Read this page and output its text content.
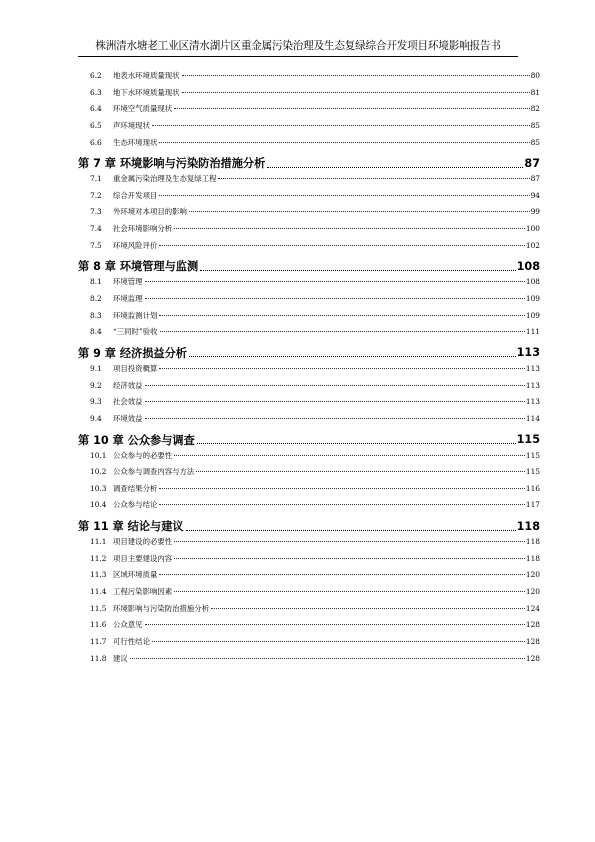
株洲清水塘老工业区清水湖片区重金属污染治理及生态复绿综合开发项目环境影响报告书
6.2	地表水环境质量现状	80
6.3	地下水环境质量现状	81
6.4	环境空气质量现状	82
6.5	声环境现状	85
6.6	生态环境现状	85
第 7 章 环境影响与污染防治措施分析	87
7.1	重金属污染治理及生态复绿工程	87
7.2	综合开发项目	94
7.3	外环境对本项目的影响	99
7.4	社会环境影响分析	100
7.5	环境风险评价	102
第 8 章 环境管理与监测	108
8.1	环境管理	108
8.2	环境监理	109
8.3	环境监测计划	109
8.4	“三同时”验收	111
第 9 章 经济损益分析	113
9.1	项目投资概算	113
9.2	经济效益	113
9.3	社会效益	113
9.4	环境效益	114
第 10 章 公众参与调查	115
10.1 公众参与的必要性	115
10.2 公众参与调查内容与方法	115
10.3 调查结果分析	116
10.4 公众参与结论	117
第 11 章 结论与建议	118
11.1 项目建设的必要性	118
11.2 项目主要建设内容	118
11.3 区域环境质量	120
11.4 工程污染影响因素	120
11.5 环境影响与污染防治措施分析	124
11.6 公众意见	128
11.7 可行性结论	128
11.8 建议	128
